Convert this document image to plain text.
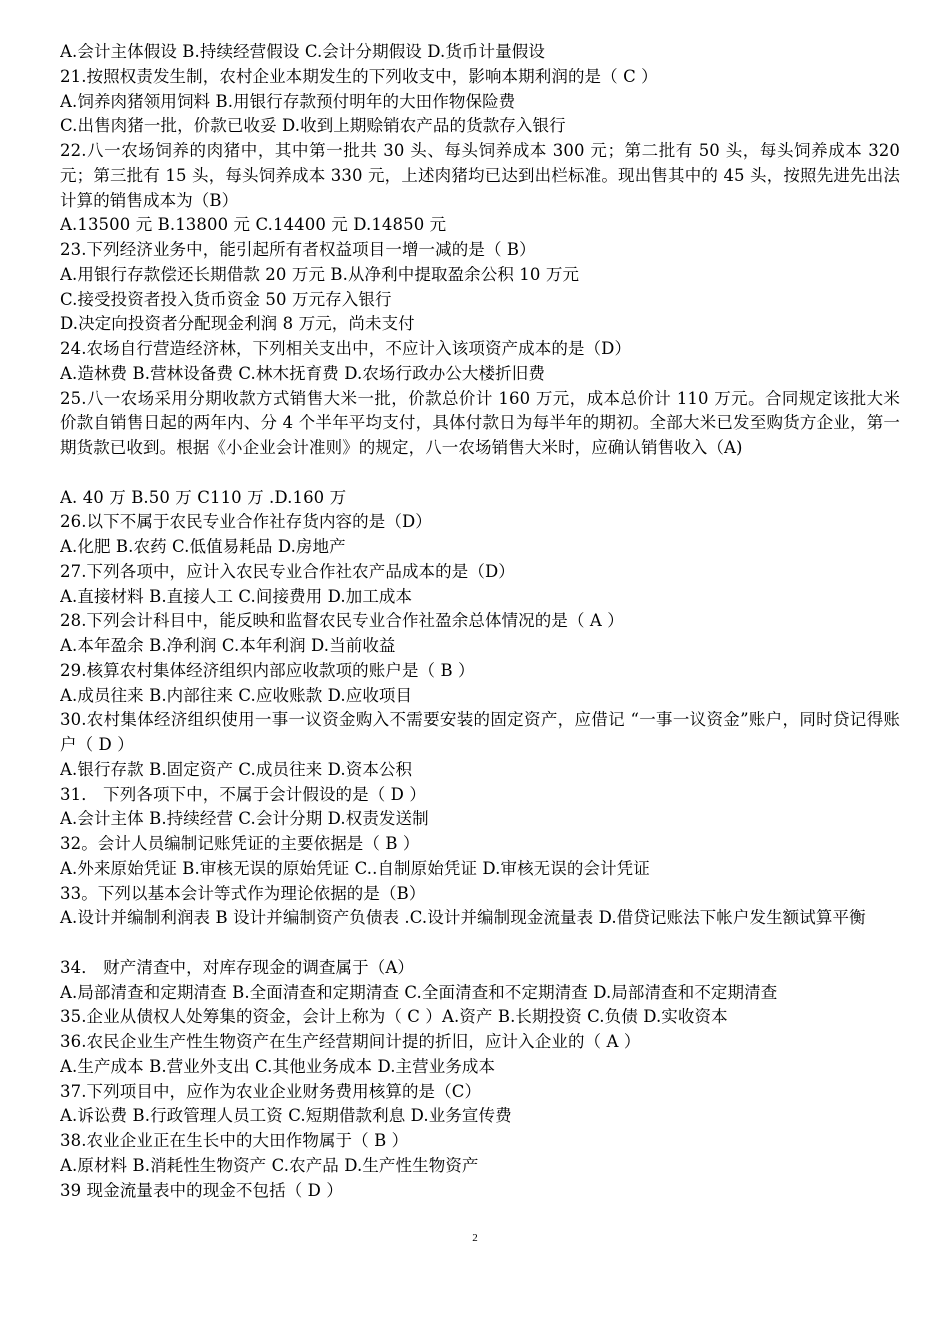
A.会计主体假设 B.持续经营假设 C.会计分期假设 D.货币计量假设
21.按照权责发生制，农村企业本期发生的下列收支中，影响本期利润的是（ C ）
A.饲养肉猪领用饲料 B.用银行存款预付明年的大田作物保险费
C.出售肉猪一批，价款已收妥 D.收到上期赊销农产品的货款存入银行
22.八一农场饲养的肉猪中，其中第一批共 30 头、每头饲养成本 300 元；第二批有 50 头，每头饲养成本 320 元；第三批有 15 头，每头饲养成本 330 元，上述肉猪均已达到出栏标准。现出售其中的 45 头，按照先进先出法计算的销售成本为（B）
A.13500 元 B.13800 元 C.14400 元 D.14850 元
23.下列经济业务中，能引起所有者权益项目一增一减的是（ B）
A.用银行存款偿还长期借款 20 万元 B.从净利中提取盈余公积 10 万元
C.接受投资者投入货币资金 50 万元存入银行
D.决定向投资者分配现金利润 8 万元，尚未支付
24.农场自行营造经济林，下列相关支出中，不应计入该项资产成本的是（D）
A.造林费 B.营林设备费 C.林木抚育费 D.农场行政办公大楼折旧费
25.八一农场采用分期收款方式销售大米一批，价款总价计 160 万元，成本总价计 110 万元。合同规定该批大米价款自销售日起的两年内、分 4 个半年平均支付，具体付款日为每半年的期初。全部大米已发至购货方企业，第一期货款已收到。根据《小企业会计准则》的规定，八一农场销售大米时，应确认销售收入（A)
A. 40 万 B.50 万 C110 万 .D.160 万
26.以下不属于农民专业合作社存货内容的是（D）
A.化肥 B.农药 C.低值易耗品 D.房地产
27.下列各项中，应计入农民专业合作社农产品成本的是（D）
A.直接材料 B.直接人工 C.间接费用 D.加工成本
28.下列会计科目中，能反映和监督农民专业合作社盈余总体情况的是（ A ）
A.本年盈余 B.净利润 C.本年利润 D.当前收益
29.核算农村集体经济组织内部应收款项的账户是（ B ）
A.成员往来 B.内部往来 C.应收账款 D.应收项目
30.农村集体经济组织使用一事一议资金购入不需要安装的固定资产，应借记 “一事一议资金”账户，同时贷记得账户（ D ）
A.银行存款 B.固定资产 C.成员往来 D.资本公积
31． 下列各项下中，不属于会计假设的是（ D ）
A.会计主体 B.持续经营 C.会计分期 D.权责发送制
32。会计人员编制记账凭证的主要依据是（ B ）
A.外来原始凭证 B.审核无误的原始凭证 C..自制原始凭证 D.审核无误的会计凭证
33。下列以基本会计等式作为理论依据的是（B）
A.设计并编制利润表 B 设计并编制资产负债表 .C.设计并编制现金流量表 D.借贷记账法下帐户发生额试算平衡
34． 财产清查中，对库存现金的调查属于（A）
A.局部清查和定期清查 B.全面清查和定期清查 C.全面清查和不定期清查 D.局部清查和不定期清查
35.企业从债权人处筹集的资金，会计上称为（ C ）A.资产 B.长期投资 C.负债 D.实收资本
36.农民企业生产性生物资产在生产经营期间计提的折旧，应计入企业的（ A ）
A.生产成本 B.营业外支出 C.其他业务成本 D.主营业务成本
37.下列项目中，应作为农业企业财务费用核算的是（C）
A.诉讼费 B.行政管理人员工资 C.短期借款利息 D.业务宣传费
38.农业企业正在生长中的大田作物属于（ B ）
A.原材料 B.消耗性生物资产 C.农产品 D.生产性生物资产
39 现金流量表中的现金不包括（ D ）
2
